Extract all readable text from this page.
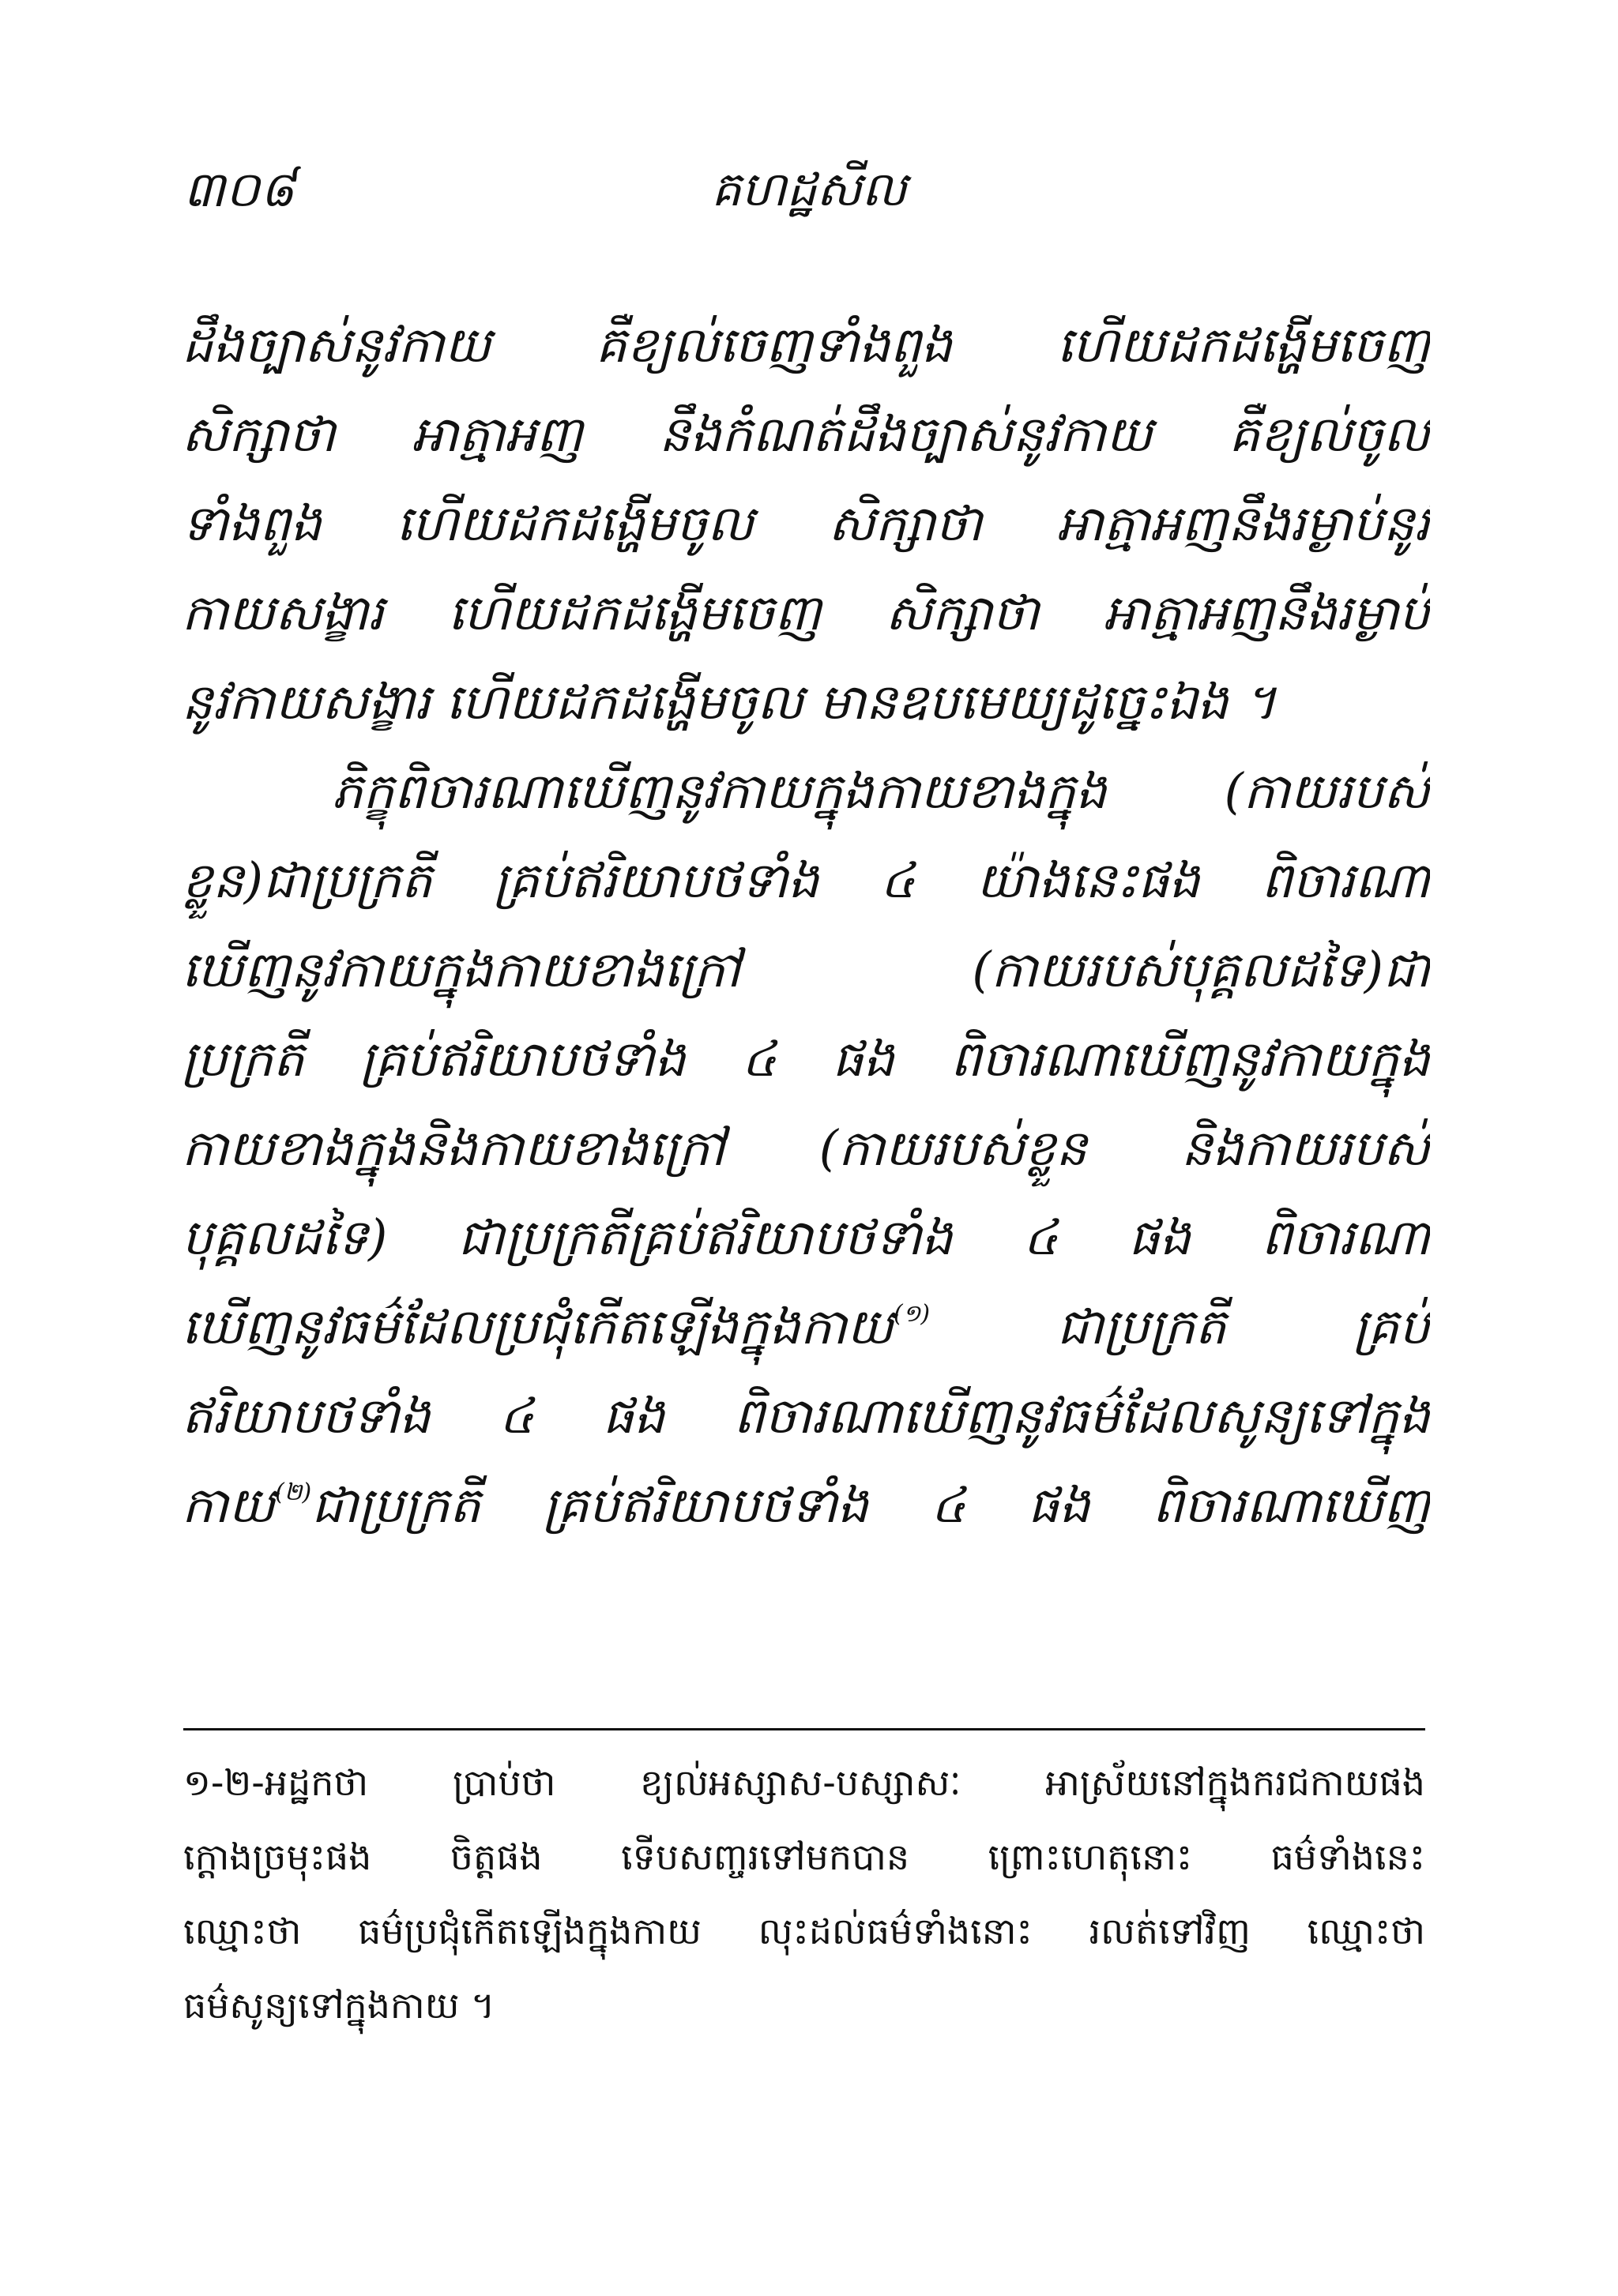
៣០៨	គហដ្ឋសីល
ដឹងច្បាស់នូវកាយ គឺខ្យល់ចេញទាំងពួង ហើយដកដង្ហើមចេញ
សិក្សាថា អាត្មាអញ នឹងកំណត់ដឹងច្បាស់នូវកាយ គឺខ្យល់ចូល
ទាំងពួង ហើយដកដង្ហើមចូល សិក្សាថា អាត្មាអញនឹងរម្ងាប់នូវ
កាយសង្ខារ ហើយដកដង្ហើមចេញ សិក្សាថា អាត្មាអញនឹងរម្ងាប់
នូវកាយសង្ខារ ហើយដកដង្ហើមចូល មានឧបមេយ្យដូច្នេះឯង ។
ភិក្ខុពិចារណាឃើញនូវកាយក្នុងកាយខាងក្នុង (កាយរបស់
ខ្លួន)ជាប្រក្រតី គ្រប់ឥរិយាបថទាំង ៤ យ៉ាងនេះផង ពិចារណា
ឃើញនូវកាយក្នុងកាយខាងក្រៅ (កាយរបស់បុគ្គលដទៃ)ជា
ប្រក្រតី គ្រប់ឥរិយាបថទាំង ៤ ផង ពិចារណាឃើញនូវកាយក្នុង
កាយខាងក្នុងនិងកាយខាងក្រៅ (កាយរបស់ខ្លួន និងកាយរបស់
បុគ្គលដទៃ) ជាប្រក្រតីគ្រប់ឥរិយាបថទាំង ៤ ផង ពិចារណា
ឃើញនូវធម៌ដែលប្រជុំកើតឡើងក្នុងកាយ$^{(១)}$ ជាប្រក្រតី គ្រប់
ឥរិយាបថទាំង ៤ ផង ពិចារណាឃើញនូវធម៌ដែលសូន្យទៅក្នុង
កាយ$^{(២)}$ជាប្រក្រតី គ្រប់ឥរិយាបថទាំង ៤ ផង ពិចារណាឃើញ
១-២-អដ្ឋកថា ប្រាប់ថា ខ្យល់អស្សាស-បស្សាសៈ អាស្រ័យនៅក្នុងករជកាយផង
ក្តោងច្រមុះផង ចិត្តផង ទើបសញ្ចរទៅមកបាន ព្រោះហេតុនោះ ធម៌ទាំងនេះ
ឈ្មោះថា ធម៌ប្រជុំកើតឡើងក្នុងកាយ លុះដល់ធម៌ទាំងនោះ រលត់ទៅវិញ ឈ្មោះថា
ធម៌សូន្យទៅក្នុងកាយ ។
